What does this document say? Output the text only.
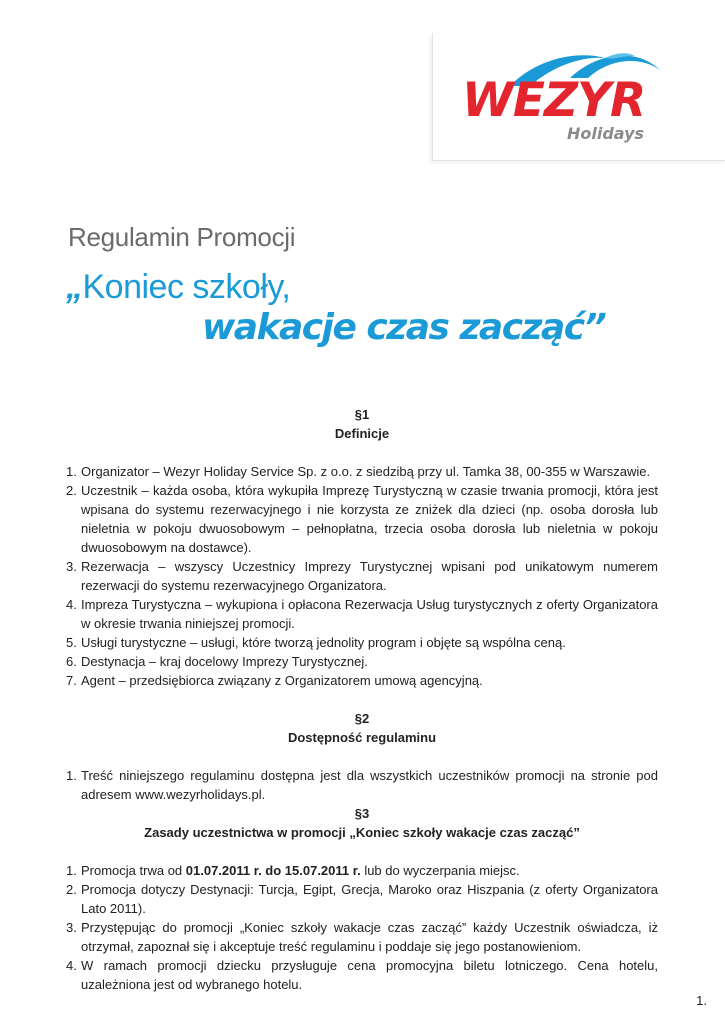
WEZYR
Holidays
Regulamin Promocji
„Koniec szkoły,
wakacje czas zacząć”

§1

Definicje

1. Organizator – Wezyr Holiday Service Sp. z o.o. z siedzibą przy ul. Tamka 38, 00-355 w Warszawie.
2. Uczestnik – każda osoba, która wykupiła Imprezę Turystyczną w czasie trwania promocji, która jest wpisana do systemu rezerwacyjnego i nie korzysta ze zniżek dla dzieci (np. osoba dorosła lub nieletnia w pokoju dwuosobowym – pełnopłatna, trzecia osoba dorosła lub nieletnia w pokoju dwuosobowym na dostawce).
3. Rezerwacja – wszyscy Uczestnicy Imprezy Turystycznej wpisani pod unikatowym numerem rezerwacji do systemu rezerwacyjnego Organizatora.
4. Impreza Turystyczna – wykupiona i opłacona Rezerwacja Usług turystycznych z oferty Organizatora w okresie trwania niniejszej promocji.
5. Usługi turystyczne – usługi, które tworzą jednolity program i objęte są wspólna ceną.
6. Destynacja – kraj docelowy Imprezy Turystycznej.
7. Agent – przedsiębiorca związany z Organizatorem umową agencyjną.

§2

Dostępność regulaminu

1. Treść niniejszego regulaminu dostępna jest dla wszystkich uczestników promocji na stronie pod adresem www.wezyrholidays.pl.

§3

Zasady uczestnictwa w promocji „Koniec szkoły wakacje czas zacząć”

1. Promocja trwa od 01.07.2011 r. do 15.07.2011 r. lub do wyczerpania miejsc.
2. Promocja dotyczy Destynacji: Turcja, Egipt, Grecja, Maroko oraz Hiszpania (z oferty Organizatora Lato 2011).
3. Przystępując do promocji „Koniec szkoły wakacje czas zacząć” każdy Uczestnik oświadcza, iż otrzymał, zapoznał się i akceptuje treść regulaminu i poddaje się jego postanowieniom.
4. W ramach promocji dziecku przysługuje cena promocyjna biletu lotniczego. Cena hotelu, uzależniona jest od wybranego hotelu.
1.
